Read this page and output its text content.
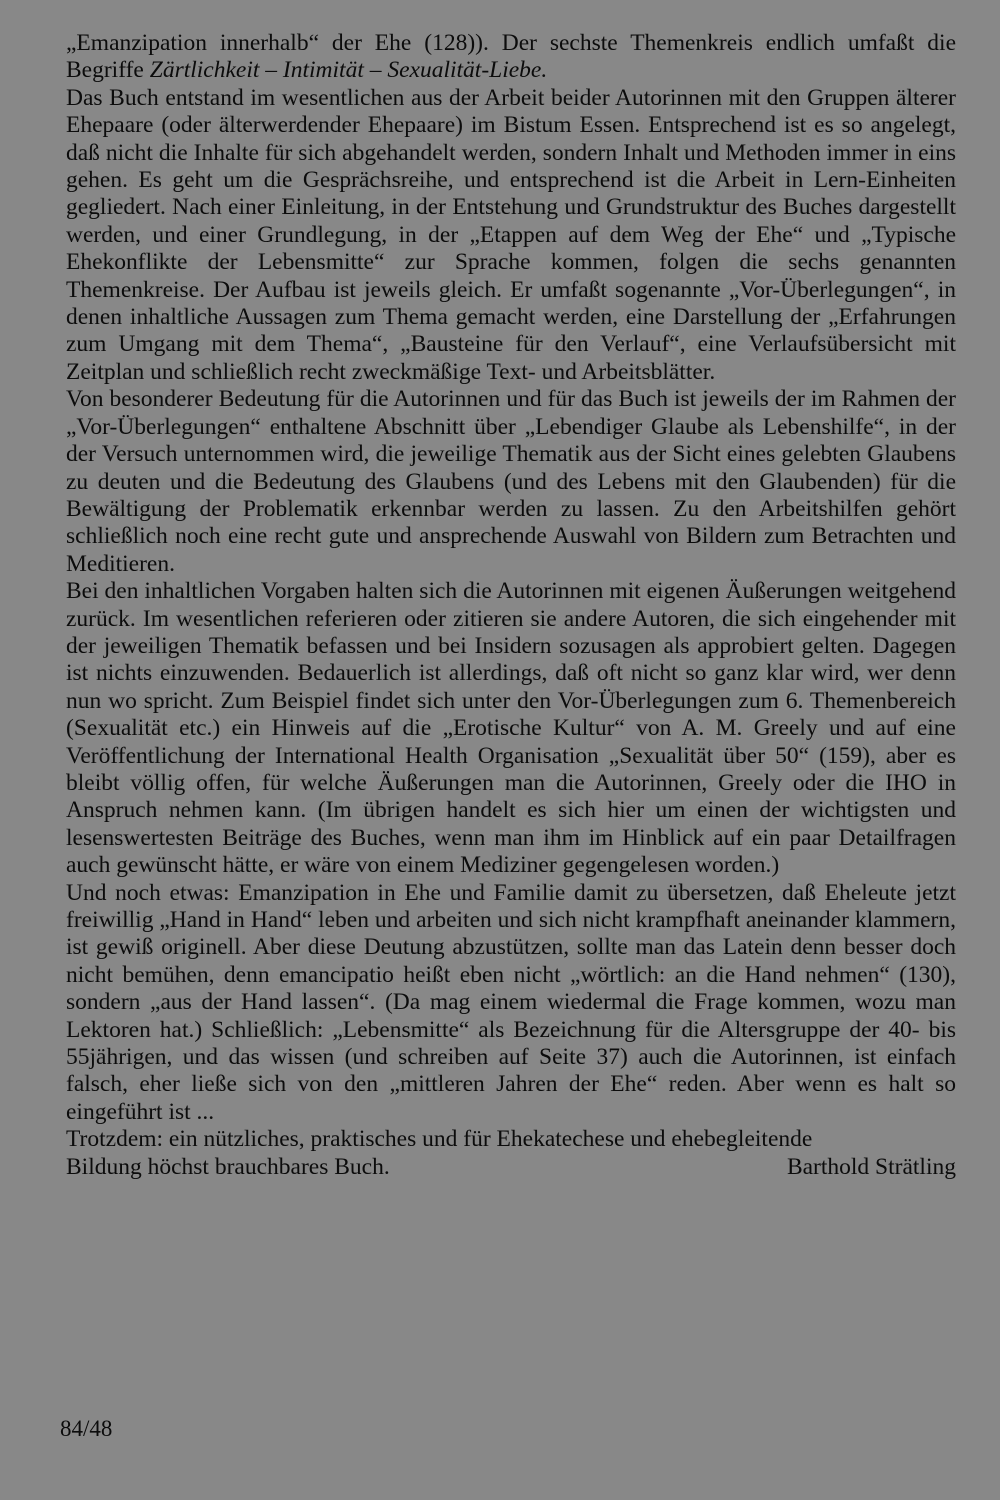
„Emanzipation innerhalb“ der Ehe (128)). Der sechste Themenkreis endlich umfaßt die Begriffe Zärtlichkeit – Intimität – Sexualität-Liebe.

Das Buch entstand im wesentlichen aus der Arbeit beider Autorinnen mit den Gruppen älterer Ehepaare (oder älterwerdender Ehepaare) im Bistum Essen. Entsprechend ist es so angelegt, daß nicht die Inhalte für sich abgehandelt werden, sondern Inhalt und Methoden immer in eins gehen. Es geht um die Gesprächsreihe, und entsprechend ist die Arbeit in Lern-Einheiten gegliedert. Nach einer Einleitung, in der Entstehung und Grundstruktur des Buches dargestellt werden, und einer Grundlegung, in der „Etappen auf dem Weg der Ehe“ und „Typische Ehekonflikte der Lebensmitte“ zur Sprache kommen, folgen die sechs genannten Themenkreise. Der Aufbau ist jeweils gleich. Er umfaßt sogenannte „Vor-Überlegungen“, in denen inhaltliche Aussagen zum Thema gemacht werden, eine Darstellung der „Erfahrungen zum Umgang mit dem Thema“, „Bausteine für den Verlauf“, eine Verlaufsübersicht mit Zeitplan und schließlich recht zweckmäßige Text- und Arbeitsblätter.

Von besonderer Bedeutung für die Autorinnen und für das Buch ist jeweils der im Rahmen der „Vor-Überlegungen“ enthaltene Abschnitt über „Lebendiger Glaube als Lebenshilfe“, in der der Versuch unternommen wird, die jeweilige Thematik aus der Sicht eines gelebten Glaubens zu deuten und die Bedeutung des Glaubens (und des Lebens mit den Glaubenden) für die Bewältigung der Problematik erkennbar werden zu lassen. Zu den Arbeitshilfen gehört schließlich noch eine recht gute und ansprechende Auswahl von Bildern zum Betrachten und Meditieren.

Bei den inhaltlichen Vorgaben halten sich die Autorinnen mit eigenen Äußerungen weitgehend zurück. Im wesentlichen referieren oder zitieren sie andere Autoren, die sich eingehender mit der jeweiligen Thematik befassen und bei Insidern sozusagen als approbiert gelten. Dagegen ist nichts einzuwenden. Bedauerlich ist allerdings, daß oft nicht so ganz klar wird, wer denn nun wo spricht. Zum Beispiel findet sich unter den Vor-Überlegungen zum 6. Themenbereich (Sexualität etc.) ein Hinweis auf die „Erotische Kultur“ von A. M. Greely und auf eine Veröffentlichung der International Health Organisation „Sexualität über 50“ (159), aber es bleibt völlig offen, für welche Äußerungen man die Autorinnen, Greely oder die IHO in Anspruch nehmen kann. (Im übrigen handelt es sich hier um einen der wichtigsten und lesenswertesten Beiträge des Buches, wenn man ihm im Hinblick auf ein paar Detailfragen auch gewünscht hätte, er wäre von einem Mediziner gegengelesen worden.)

Und noch etwas: Emanzipation in Ehe und Familie damit zu übersetzen, daß Eheleute jetzt freiwillig „Hand in Hand“ leben und arbeiten und sich nicht krampfhaft aneinander klammern, ist gewiß originell. Aber diese Deutung abzustützen, sollte man das Latein denn besser doch nicht bemühen, denn emancipatio heißt eben nicht „wörtlich: an die Hand nehmen“ (130), sondern „aus der Hand lassen“. (Da mag einem wiedermal die Frage kommen, wozu man Lektoren hat.) Schließlich: „Lebensmitte“ als Bezeichnung für die Altersgruppe der 40- bis 55jährigen, und das wissen (und schreiben auf Seite 37) auch die Autorinnen, ist einfach falsch, eher ließe sich von den „mittleren Jahren der Ehe“ reden. Aber wenn es halt so eingeführt ist ...

Trotzdem: ein nützliches, praktisches und für Ehekatechese und ehebegleitende
Bildung höchst brauchbares Buch.	Barthold Strätling

84/48
